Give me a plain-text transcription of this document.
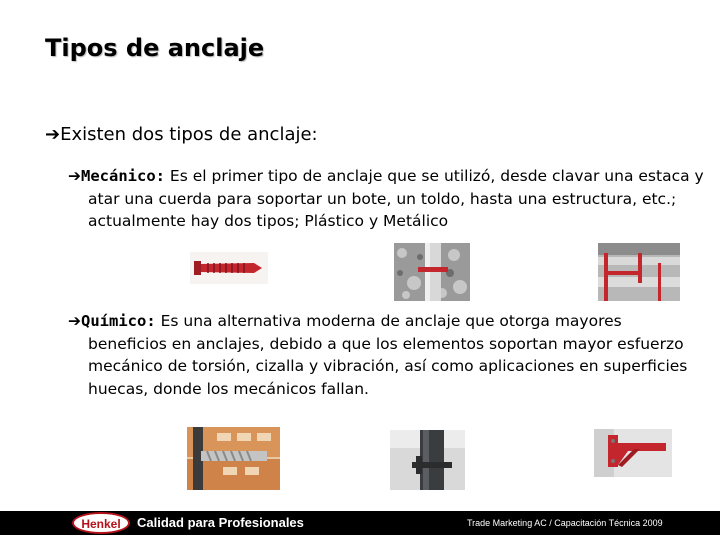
Tipos de anclaje
➔Existen dos tipos de anclaje:
➔Mecánico: Es el primer tipo de anclaje que se utilizó, desde clavar una estaca y atar una cuerda para soportar un bote, un toldo, hasta una estructura, etc.; actualmente hay dos tipos; Plástico y Metálico
➔Químico: Es una alternativa moderna de anclaje que otorga mayores beneficios en anclajes, debido a que los elementos soportan mayor esfuerzo mecánico de torsión, cizalla y vibración, así como aplicaciones en superficies huecas, donde los mecánicos fallan.
Henkel	Calidad para Profesionales	Trade Marketing AC / Capacitación Técnica 2009
